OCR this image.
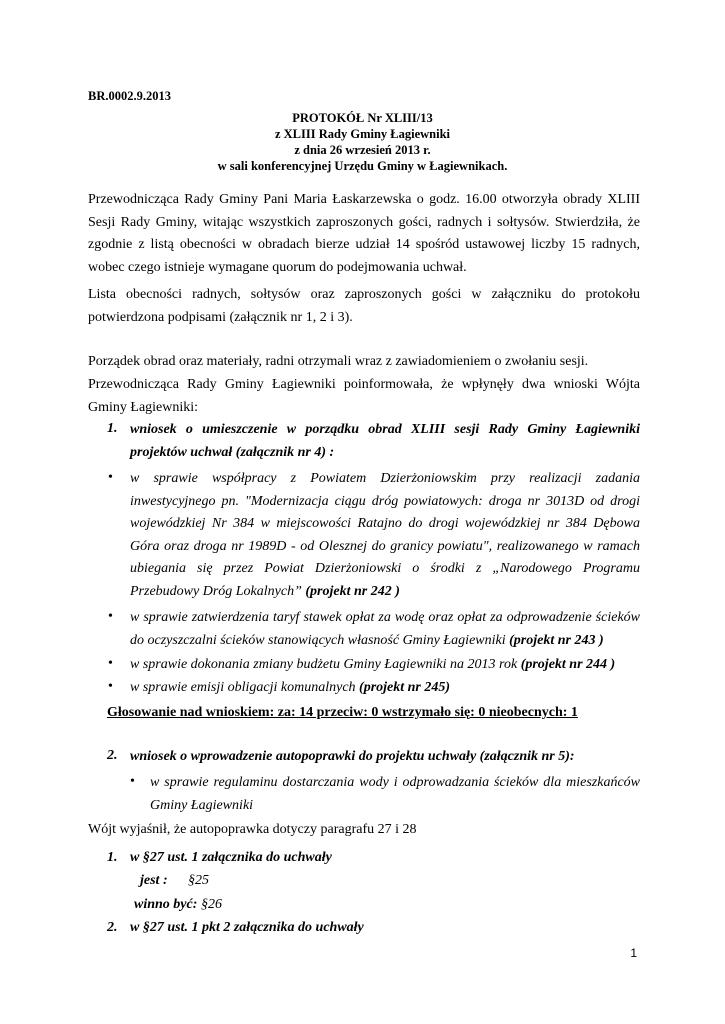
BR.0002.9.2013

PROTOKÓŁ Nr XLIII/13

z XLIII Rady Gminy Łagiewniki

z dnia 26 wrzesień 2013 r.

w sali konferencyjnej Urzędu Gminy w Łagiewnikach.

Przewodnicząca Rady Gminy Pani Maria Łaskarzewska o godz. 16.00 otworzyła obrady XLIII Sesji Rady Gminy, witając wszystkich zaproszonych gości, radnych i sołtysów. Stwierdziła, że zgodnie z listą obecności w obradach bierze udział 14 spośród ustawowej liczby 15 radnych, wobec czego istnieje wymagane quorum do podejmowania uchwał.

Lista obecności radnych, sołtysów oraz zaproszonych gości w załączniku do protokołu potwierdzona podpisami (załącznik nr 1, 2 i 3).

Porządek obrad oraz materiały, radni otrzymali wraz z zawiadomieniem o zwołaniu sesji.

Przewodnicząca Rady Gminy Łagiewniki poinformowała, że wpłynęły dwa wnioski Wójta Gminy Łagiewniki:

1. wniosek o umieszczenie w porządku obrad XLIII sesji Rady Gminy Łagiewniki projektów uchwał (załącznik nr 4) :

• w sprawie współpracy z Powiatem Dzierżoniowskim przy realizacji zadania inwestycyjnego pn. "Modernizacja ciągu dróg powiatowych: droga nr 3013D od drogi wojewódzkiej Nr 384 w miejscowości Ratajno do drogi wojewódzkiej nr 384 Dębowa Góra oraz droga nr 1989D - od Olesznej do granicy powiatu", realizowanego w ramach ubiegania się przez Powiat Dzierżoniowski o środki z „Narodowego Programu Przebudowy Dróg Lokalnych” (projekt nr 242 )

• w sprawie zatwierdzenia taryf stawek opłat za wodę oraz opłat za odprowadzenie ścieków do oczyszczalni ścieków stanowiących własność Gminy Łagiewniki (projekt nr 243 )

• w sprawie dokonania zmiany budżetu Gminy Łagiewniki na 2013 rok (projekt nr 244 )

• w sprawie emisji obligacji komunalnych (projekt nr 245)

Głosowanie nad wnioskiem: za: 14 przeciw: 0 wstrzymało się: 0 nieobecnych: 1

2. wniosek o wprowadzenie autopoprawki do projektu uchwały (załącznik nr 5):

• w sprawie regulaminu dostarczania wody i odprowadzania ścieków dla mieszkańców Gminy Łagiewniki

Wójt wyjaśnił, że autopoprawka dotyczy paragrafu 27 i 28

1. w §27 ust. 1 załącznika do uchwały
jest : §25
winno być: §26
2. w §27 ust. 1 pkt 2 załącznika do uchwały
1
